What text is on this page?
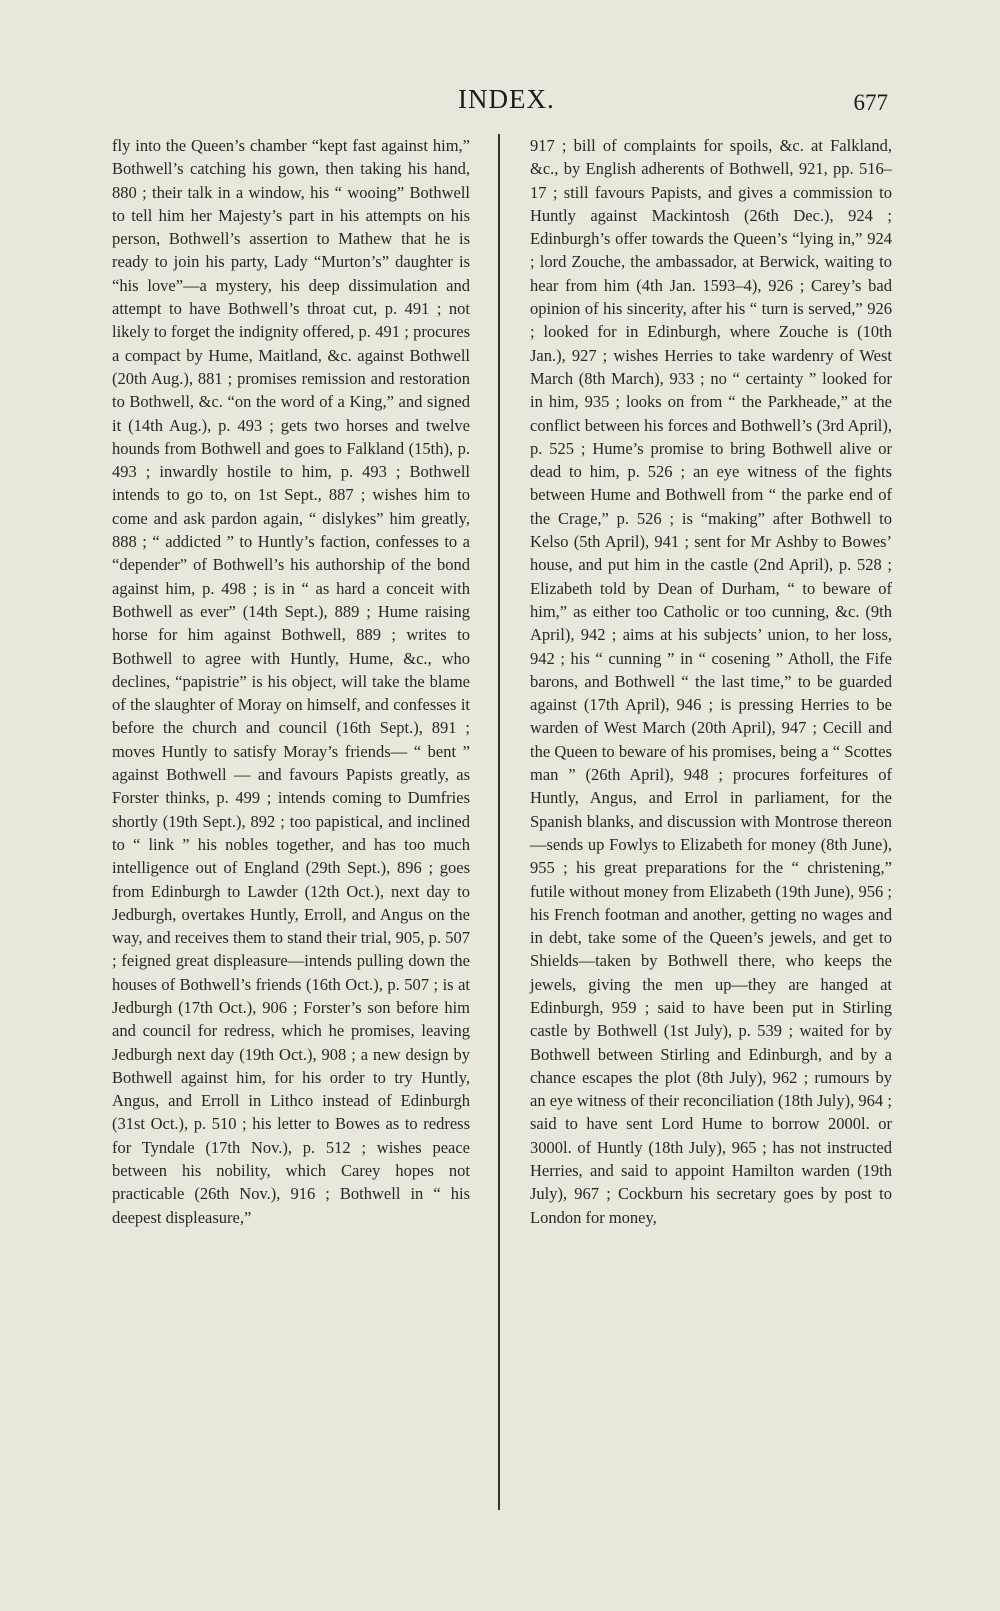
INDEX.	677

fly into the Queen’s chamber “kept fast against him,” Bothwell’s catching his gown, then taking his hand, 880 ; their talk in a window, his “ wooing” Bothwell to tell him her Majesty’s part in his attempts on his person, Bothwell’s assertion to Mathew that he is ready to join his party, Lady “Murton’s” daughter is “his love”—a mystery, his deep dissimulation and attempt to have Bothwell’s throat cut, p. 491 ; not likely to forget the indignity offered, p. 491 ; procures a compact by Hume, Maitland, &c. against Bothwell (20th Aug.), 881 ; promises remission and restoration to Bothwell, &c. “on the word of a King,” and signed it (14th Aug.), p. 493 ; gets two horses and twelve hounds from Bothwell and goes to Falkland (15th), p. 493 ; inwardly hostile to him, p. 493 ; Bothwell intends to go to, on 1st Sept., 887 ; wishes him to come and ask pardon again, “ dislykes” him greatly, 888 ; “ addicted ” to Huntly’s faction, confesses to a “depender” of Bothwell’s his authorship of the bond against him, p. 498 ; is in “ as hard a conceit with Bothwell as ever” (14th Sept.), 889 ; Hume raising horse for him against Bothwell, 889 ; writes to Bothwell to agree with Huntly, Hume, &c., who declines, “papistrie” is his object, will take the blame of the slaughter of Moray on himself, and confesses it before the church and council (16th Sept.), 891 ; moves Huntly to satisfy Moray’s friends— “ bent ” against Bothwell — and favours Papists greatly, as Forster thinks, p. 499 ; intends coming to Dumfries shortly (19th Sept.), 892 ; too papistical, and inclined to “ link ” his nobles together, and has too much intelligence out of England (29th Sept.), 896 ; goes from Edinburgh to Lawder (12th Oct.), next day to Jedburgh, overtakes Huntly, Erroll, and Angus on the way, and receives them to stand their trial, 905, p. 507 ; feigned great displeasure—intends pulling down the houses of Bothwell’s friends (16th Oct.), p. 507 ; is at Jedburgh (17th Oct.), 906 ; Forster’s son before him and council for redress, which he promises, leaving Jedburgh next day (19th Oct.), 908 ; a new design by Bothwell against him, for his order to try Huntly, Angus, and Erroll in Lithco instead of Edinburgh (31st Oct.), p. 510 ; his letter to Bowes as to redress for Tyndale (17th Nov.), p. 512 ; wishes peace between his nobility, which Carey hopes not practicable (26th Nov.), 916 ; Bothwell in “ his deepest displeasure,”

917 ; bill of complaints for spoils, &c. at Falkland, &c., by English adherents of Bothwell, 921, pp. 516–17 ; still favours Papists, and gives a commission to Huntly against Mackintosh (26th Dec.), 924 ; Edinburgh’s offer towards the Queen’s “lying in,” 924 ; lord Zouche, the ambassador, at Berwick, waiting to hear from him (4th Jan. 1593–4), 926 ; Carey’s bad opinion of his sincerity, after his “ turn is served,” 926 ; looked for in Edinburgh, where Zouche is (10th Jan.), 927 ; wishes Herries to take wardenry of West March (8th March), 933 ; no “ certainty ” looked for in him, 935 ; looks on from “ the Parkheade,” at the conflict between his forces and Bothwell’s (3rd April), p. 525 ; Hume’s promise to bring Bothwell alive or dead to him, p. 526 ; an eye witness of the fights between Hume and Bothwell from “ the parke end of the Crage,” p. 526 ; is “making” after Bothwell to Kelso (5th April), 941 ; sent for Mr Ashby to Bowes’ house, and put him in the castle (2nd April), p. 528 ; Elizabeth told by Dean of Durham, “ to beware of him,” as either too Catholic or too cunning, &c. (9th April), 942 ; aims at his subjects’ union, to her loss, 942 ; his “ cunning ” in “ cosening ” Atholl, the Fife barons, and Bothwell “ the last time,” to be guarded against (17th April), 946 ; is pressing Herries to be warden of West March (20th April), 947 ; Cecill and the Queen to beware of his promises, being a “ Scottes man ” (26th April), 948 ; procures forfeitures of Huntly, Angus, and Errol in parliament, for the Spanish blanks, and discussion with Montrose thereon—sends up Fowlys to Elizabeth for money (8th June), 955 ; his great preparations for the “ christening,” futile without money from Elizabeth (19th June), 956 ; his French footman and another, getting no wages and in debt, take some of the Queen’s jewels, and get to Shields—taken by Bothwell there, who keeps the jewels, giving the men up—they are hanged at Edinburgh, 959 ; said to have been put in Stirling castle by Bothwell (1st July), p. 539 ; waited for by Bothwell between Stirling and Edinburgh, and by a chance escapes the plot (8th July), 962 ; rumours by an eye witness of their reconciliation (18th July), 964 ; said to have sent Lord Hume to borrow 2000l. or 3000l. of Huntly (18th July), 965 ; has not instructed Herries, and said to appoint Hamilton warden (19th July), 967 ; Cockburn his secretary goes by post to London for money,
